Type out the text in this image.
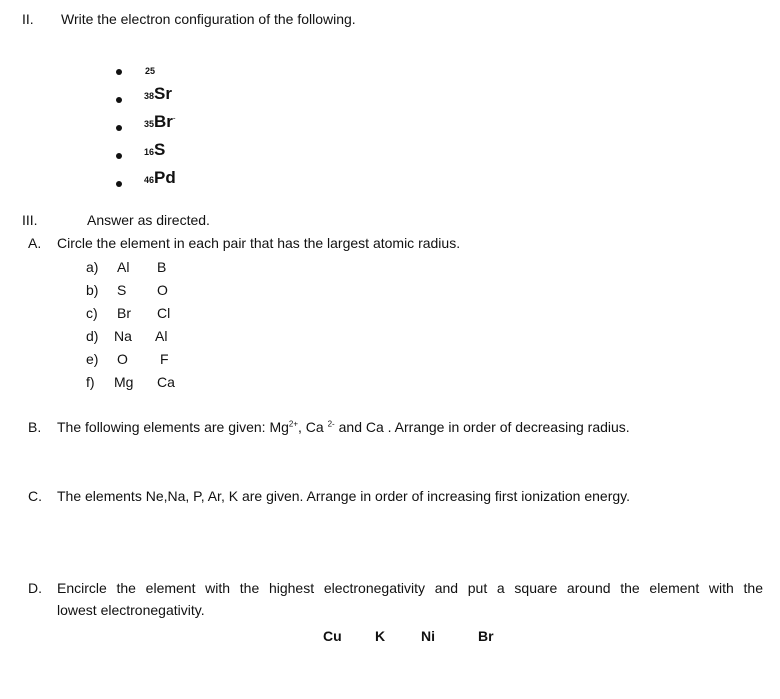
II. Write the electron configuration of the following.
25
38Sr
35Br-
16S
46Pd
III.	Answer as directed.
A. Circle the element in each pair that has the largest atomic radius.
a) Al B
b) S O
c) Br Cl
d) Na Al
e) O F
f) Mg Ca
B. The following elements are given: $Mg^{2+}$, Ca $^{2-}$ and Ca . Arrange in order of decreasing radius.
C. The elements Ne,Na, P, Ar, K are given. Arrange in order of increasing first ionization energy.
D. Encircle the element with the highest electronegativity and put a square around the element with the
lowest electronegativity.
Cu K	Ni	Br
